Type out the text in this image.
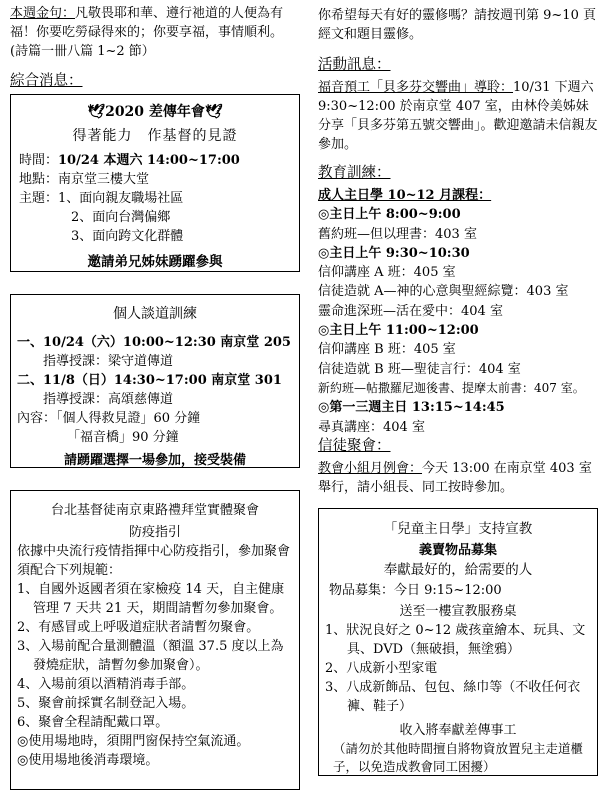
本週金句：凡敬畏耶和華、遵行祂道的人便為有福！你要吃勞碌得來的；你要享福，事情順利。(詩篇一卌八篇 1~2 節）
綜合消息：
🕊2020 差傳年會🕊
得著能力　作基督的見證
時間：10/24 本週六 14:00~17:00
地點：南京堂三樓大堂
主題：1、面向親友職場社區
2、面向台灣偏鄉
3、面向跨文化群體
邀請弟兄姊妹踴躍參與
個人談道訓練
一、10/24（六）10:00~12:30 南京堂 205
指導授課：梁守道傳道
二、11/8（日）14:30~17:00 南京堂 301
指導授課：高頌慈傳道
內容：「個人得救見證」60 分鐘
「福音橋」90 分鐘
請踴躍選擇一場參加，接受裝備
台北基督徒南京東路禮拜堂實體聚會
防疫指引
依據中央流行疫情指揮中心防疫指引，參加聚會須配合下列規範：
1、自國外返國者須在家檢疫 14 天，自主健康管理 7 天共 21 天，期間請暫勿參加聚會。
2、有感冒或上呼吸道症狀者請暫勿聚會。
3、入場前配合量測體溫（額溫 37.5 度以上為發燒症狀，請暫勿參加聚會）。
4、入場前須以酒精消毒手部。
5、聚會前採實名制登記入場。
6、聚會全程請配戴口罩。
◎使用場地時，須開門窗保持空氣流通。
◎使用場地後消毒環境。
你希望每天有好的靈修嗎？請按週刊第 9~10 頁經文和題目靈修。
活動訊息：
福音預工「貝多芬交響曲」導聆：10/31 下週六 9:30~12:00 於南京堂 407 室，由林伶美姊妹分享「貝多芬第五號交響曲」。歡迎邀請未信親友參加。
教育訓練：
成人主日學 10~12 月課程：
◎主日上午 8:00~9:00
舊約班—但以理書：403 室
◎主日上午 9:30~10:30
信仰講座 A 班：405 室
信徒造就 A—神的心意與聖經綜覽：403 室
靈命進深班—活在愛中：404 室
◎主日上午 11:00~12:00
信仰講座 B 班：405 室
信徒造就 B 班—聖徒言行：404 室
新約班—帖撒羅尼迦後書、提摩太前書：407 室。
◎第一三週主日 13:15~14:45
尋真講座：404 室
信徒聚會：
教會小組月例會：今天 13:00 在南京堂 403 室舉行，請小組長、同工按時參加。
「兒童主日學」支持宣教
義賣物品募集
奉獻最好的，給需要的人
物品募集：今日 9:15~12:00
送至一樓宣教服務桌
1、狀況良好之 0~12 歲孩童繪本、玩具、文具、DVD（無破損，無塗鴉）
2、八成新小型家電
3、八成新飾品、包包、絲巾等（不收任何衣褲、鞋子）
收入將奉獻差傳事工
（請勿於其他時間擅自將物資放置兒主走道櫃子，以免造成教會同工困擾）
